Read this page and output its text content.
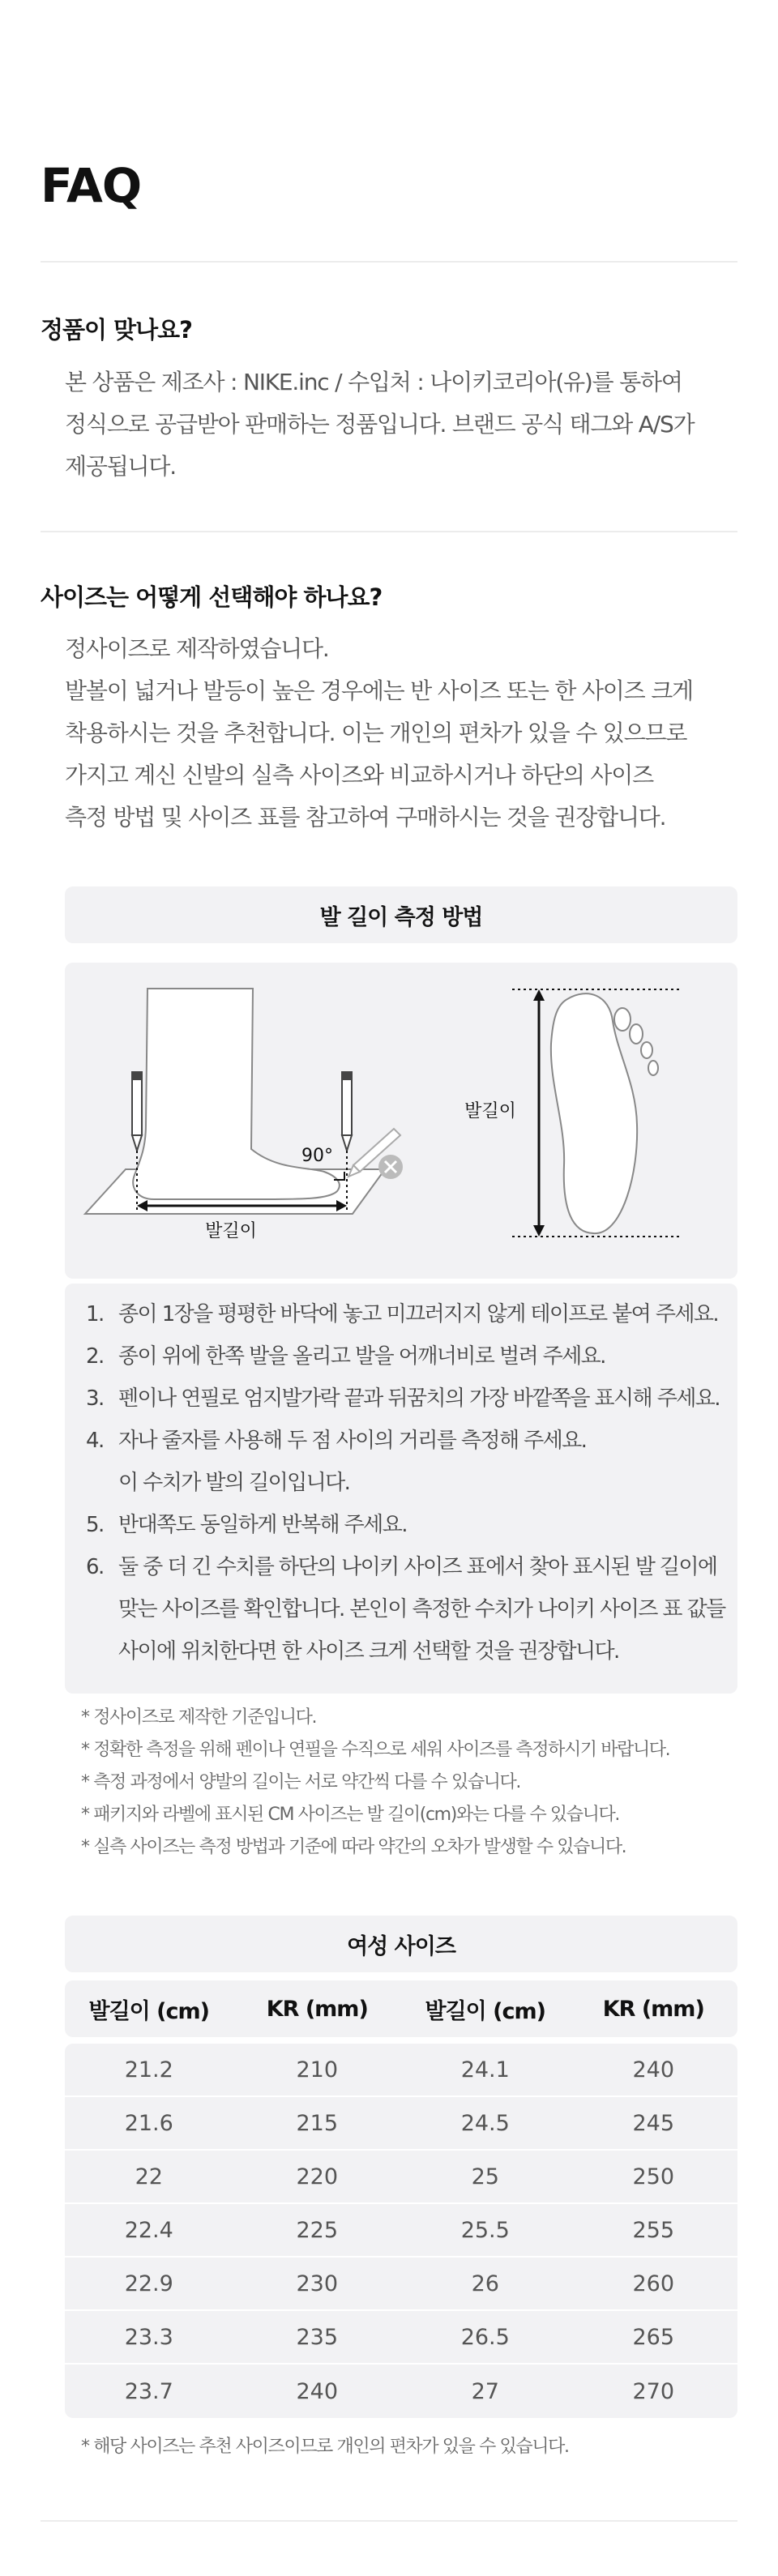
FAQ
정품이 맞나요?

본 상품은 제조사 : NIKE.inc / 수입처 : 나이키코리아(유)를 통하여

정식으로 공급받아 판매하는 정품입니다. 브랜드 공식 태그와 A/S가

제공됩니다.

사이즈는 어떻게 선택해야 하나요?

정사이즈로 제작하였습니다.

발볼이 넓거나 발등이 높은 경우에는 반 사이즈 또는 한 사이즈 크게

착용하시는 것을 추천합니다. 이는 개인의 편차가 있을 수 있으므로

가지고 계신 신발의 실측 사이즈와 비교하시거나 하단의 사이즈

측정 방법 및 사이즈 표를 참고하여 구매하시는 것을 권장합니다.

발 길이 측정 방법
90°
발길이
발길이
1. 종이 1장을 평평한 바닥에 놓고 미끄러지지 않게 테이프로 붙여 주세요.
2. 종이 위에 한쪽 발을 올리고 발을 어깨너비로 벌려 주세요.
3. 펜이나 연필로 엄지발가락 끝과 뒤꿈치의 가장 바깥쪽을 표시해 주세요.
4. 자나 줄자를 사용해 두 점 사이의 거리를 측정해 주세요.
이 수치가 발의 길이입니다.
5. 반대쪽도 동일하게 반복해 주세요.
6. 둘 중 더 긴 수치를 하단의 나이키 사이즈 표에서 찾아 표시된 발 길이에
맞는 사이즈를 확인합니다. 본인이 측정한 수치가 나이키 사이즈 표 값들
사이에 위치한다면 한 사이즈 크게 선택할 것을 권장합니다.

* 정사이즈로 제작한 기준입니다.

* 정확한 측정을 위해 펜이나 연필을 수직으로 세워 사이즈를 측정하시기 바랍니다.

* 측정 과정에서 양발의 길이는 서로 약간씩 다를 수 있습니다.

* 패키지와 라벨에 표시된 CM 사이즈는 발 길이(cm)와는 다를 수 있습니다.

* 실측 사이즈는 측정 방법과 기준에 따라 약간의 오차가 발생할 수 있습니다.

여성 사이즈
발길이 (cm)	KR (mm)	발길이 (cm)	KR (mm)
21.2	210	24.1	240
21.6	215	24.5	245
22	220	25	250
22.4	225	25.5	255
22.9	230	26	260
23.3	235	26.5	265
23.7	240	27	270

* 해당 사이즈는 추천 사이즈이므로 개인의 편차가 있을 수 있습니다.
